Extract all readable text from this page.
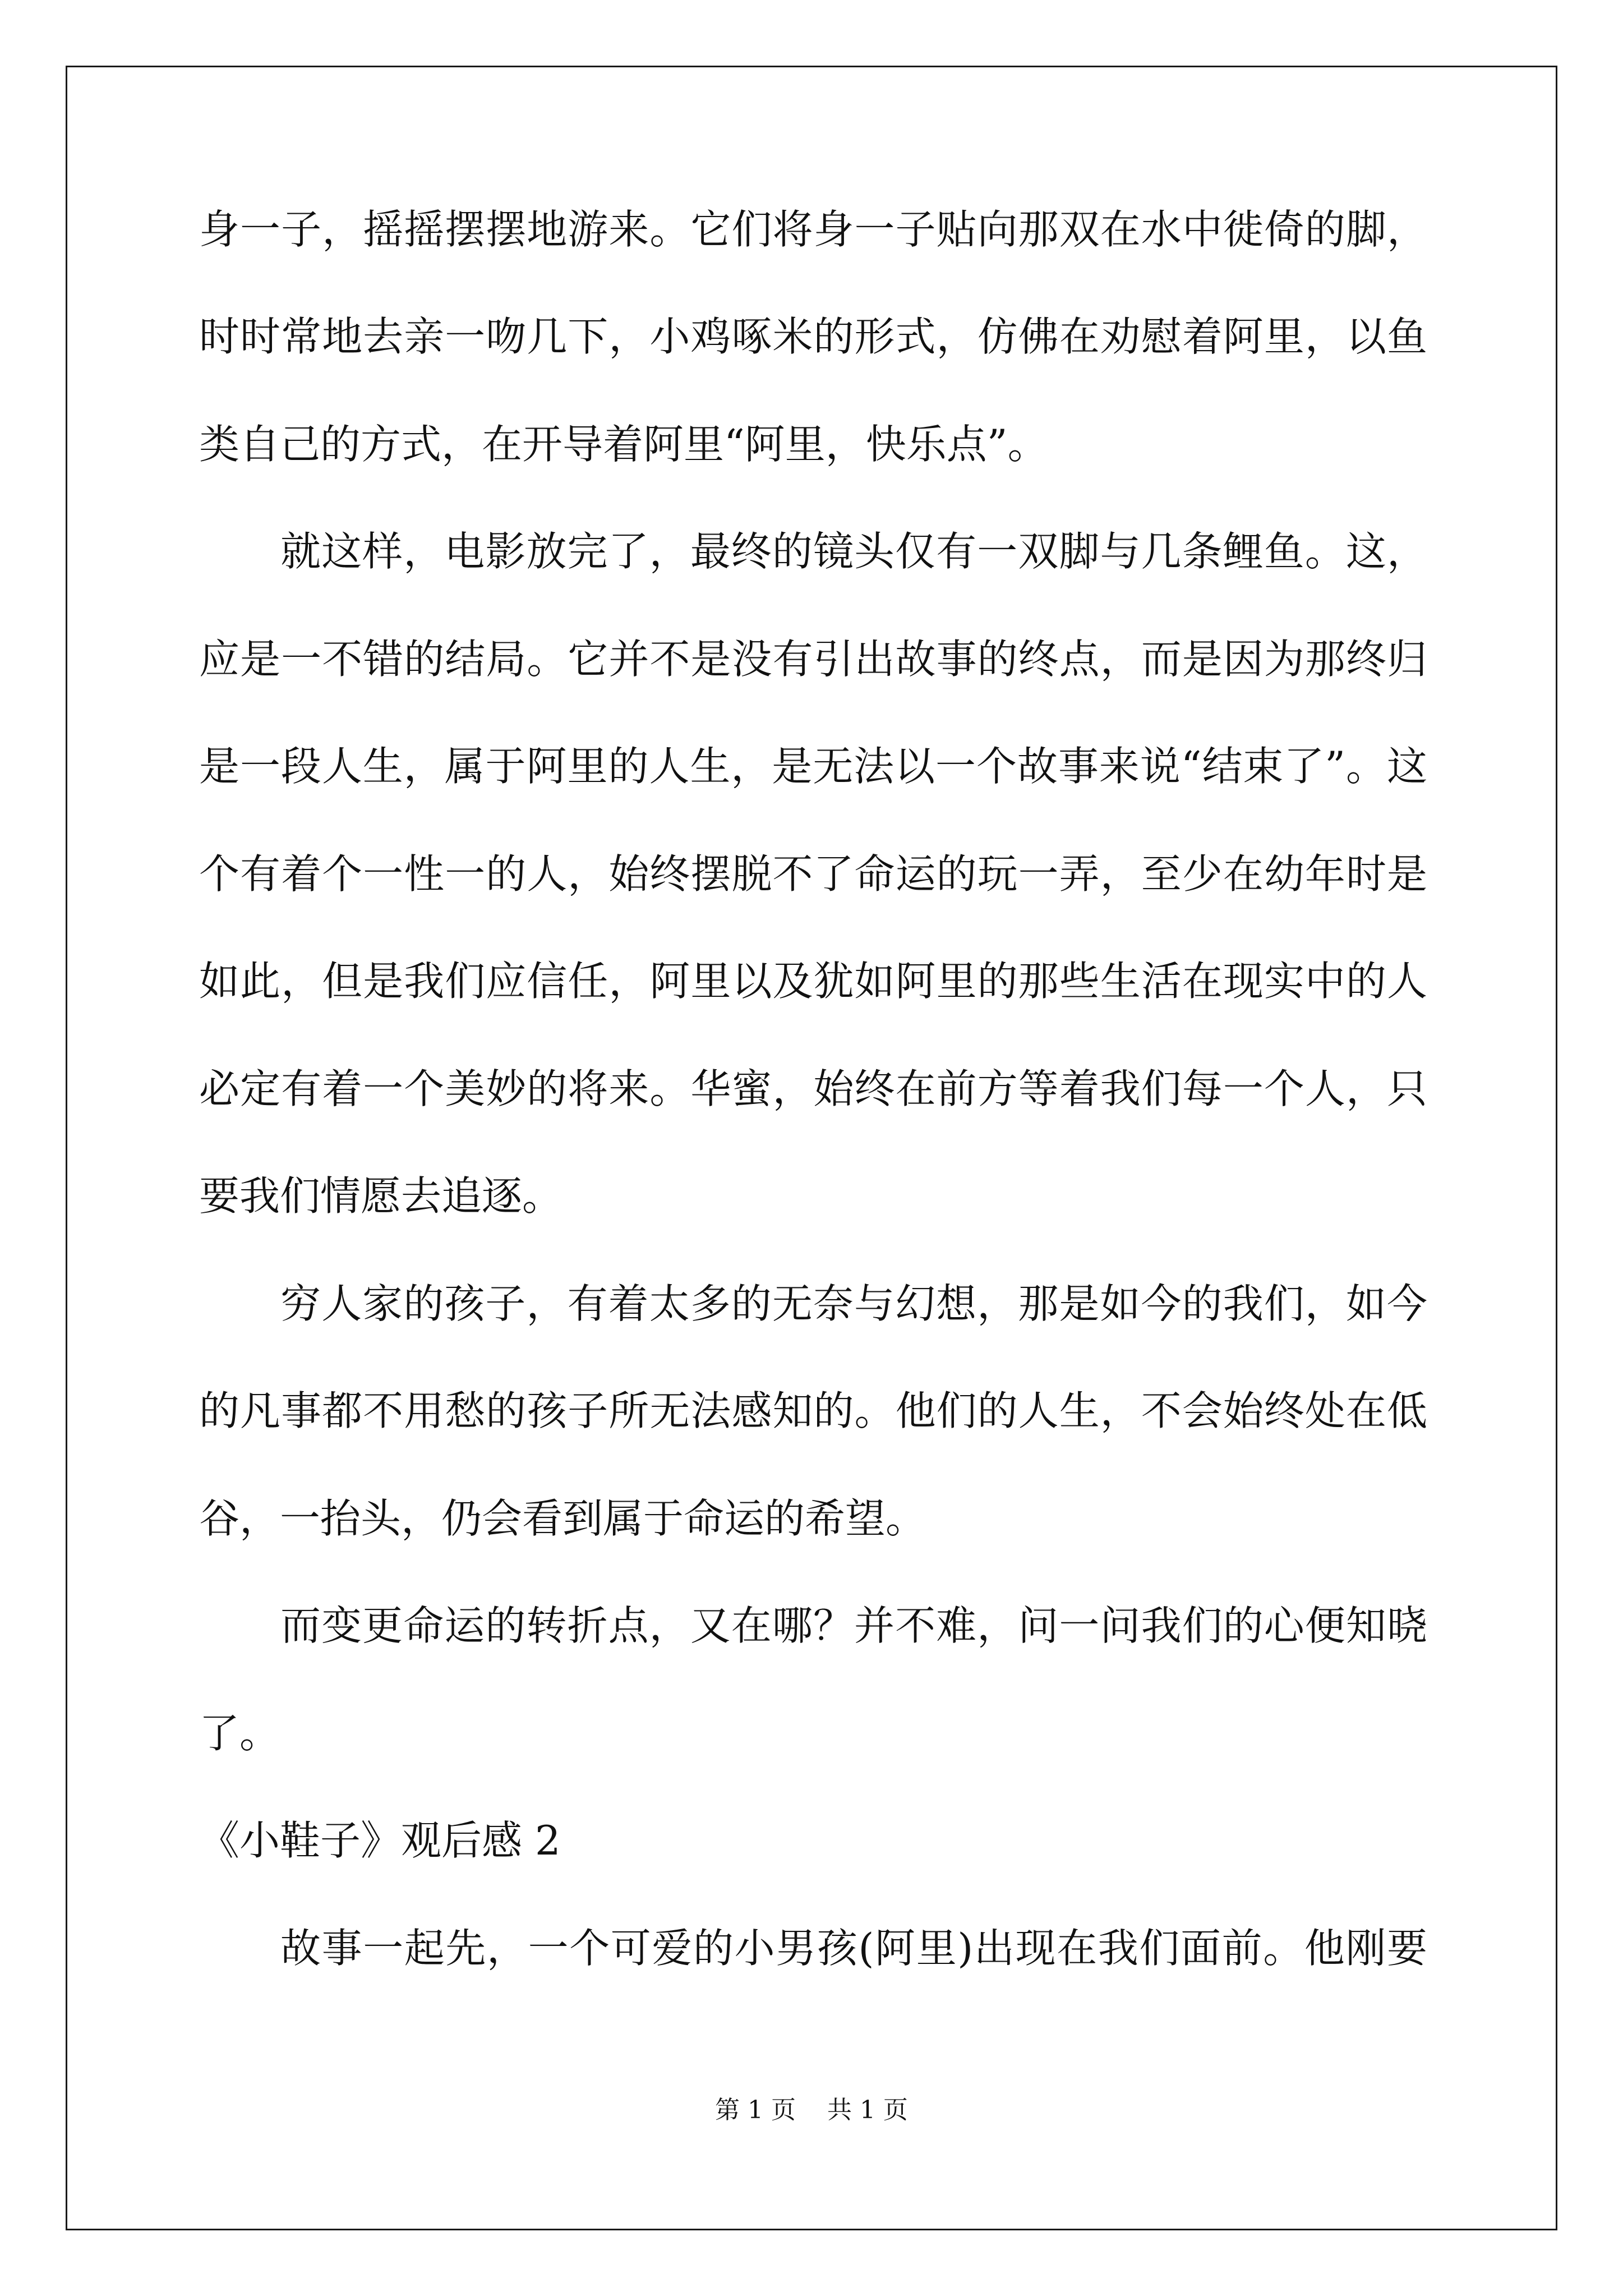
身一子，摇摇摆摆地游来。它们将身一子贴向那双在水中徙倚的脚，
时时常地去亲一吻几下，小鸡啄米的形式，仿佛在劝慰着阿里，以鱼
类自己的方式，在开导着阿里“阿里，快乐点”。
就这样，电影放完了，最终的镜头仅有一双脚与几条鲤鱼。这，
应是一不错的结局。它并不是没有引出故事的终点，而是因为那终归
是一段人生，属于阿里的人生，是无法以一个故事来说“结束了”。这
个有着个一性一的人，始终摆脱不了命运的玩一弄，至少在幼年时是
如此，但是我们应信任，阿里以及犹如阿里的那些生活在现实中的人
必定有着一个美妙的将来。华蜜，始终在前方等着我们每一个人，只
要我们情愿去追逐。
穷人家的孩子，有着太多的无奈与幻想，那是如今的我们，如今
的凡事都不用愁的孩子所无法感知的。他们的人生，不会始终处在低
谷，一抬头，仍会看到属于命运的希望。
而变更命运的转折点，又在哪？并不难，问一问我们的心便知晓
了。
《小鞋子》观后感 2
故事一起先，一个可爱的小男孩(阿里)出现在我们面前。他刚要
第 1 页    共 1 页
